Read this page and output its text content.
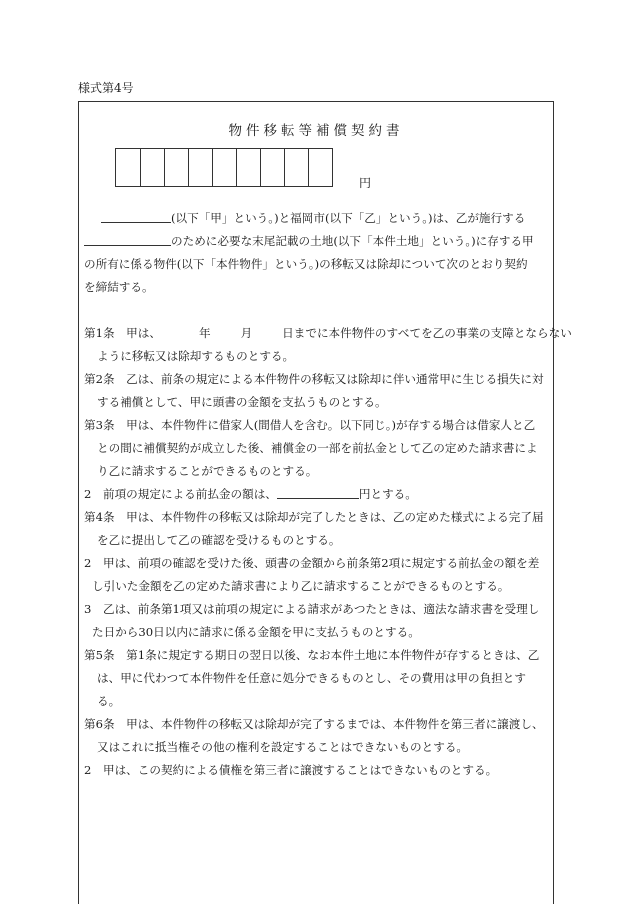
様式第4号
物件移転等補償契約書
円

(以下「甲」という。)と福岡市(以下「乙」という。)は、乙が施行する

のために必要な末尾記載の土地(以下「本件土地」という。)に存する甲

の所有に係る物件(以下「本件物件」という。)の移転又は除却について次のとおり契約

を締結する。

第1条　甲は、	年	月	日までに本件物件のすべてを乙の事業の支障とならない

ように移転又は除却するものとする。

第2条　乙は、前条の規定による本件物件の移転又は除却に伴い通常甲に生じる損失に対

する補償として、甲に頭書の金額を支払うものとする。

第3条　甲は、本件物件に借家人(間借人を含む。以下同じ。)が存する場合は借家人と乙

との間に補償契約が成立した後、補償金の一部を前払金として乙の定めた請求書によ

り乙に請求することができるものとする。

2　前項の規定による前払金の額は、	円とする。

第4条　甲は、本件物件の移転又は除却が完了したときは、乙の定めた様式による完了届

を乙に提出して乙の確認を受けるものとする。

2　甲は、前項の確認を受けた後、頭書の金額から前条第2項に規定する前払金の額を差

し引いた金額を乙の定めた請求書により乙に請求することができるものとする。

3　乙は、前条第1項又は前項の規定による請求があつたときは、適法な請求書を受理し

た日から30日以内に請求に係る金額を甲に支払うものとする。

第5条　第1条に規定する期日の翌日以後、なお本件土地に本件物件が存するときは、乙

は、甲に代わつて本件物件を任意に処分できるものとし、その費用は甲の負担とす

る。

第6条　甲は、本件物件の移転又は除却が完了するまでは、本件物件を第三者に譲渡し、

又はこれに抵当権その他の権利を設定することはできないものとする。

2　甲は、この契約による債権を第三者に譲渡することはできないものとする。
